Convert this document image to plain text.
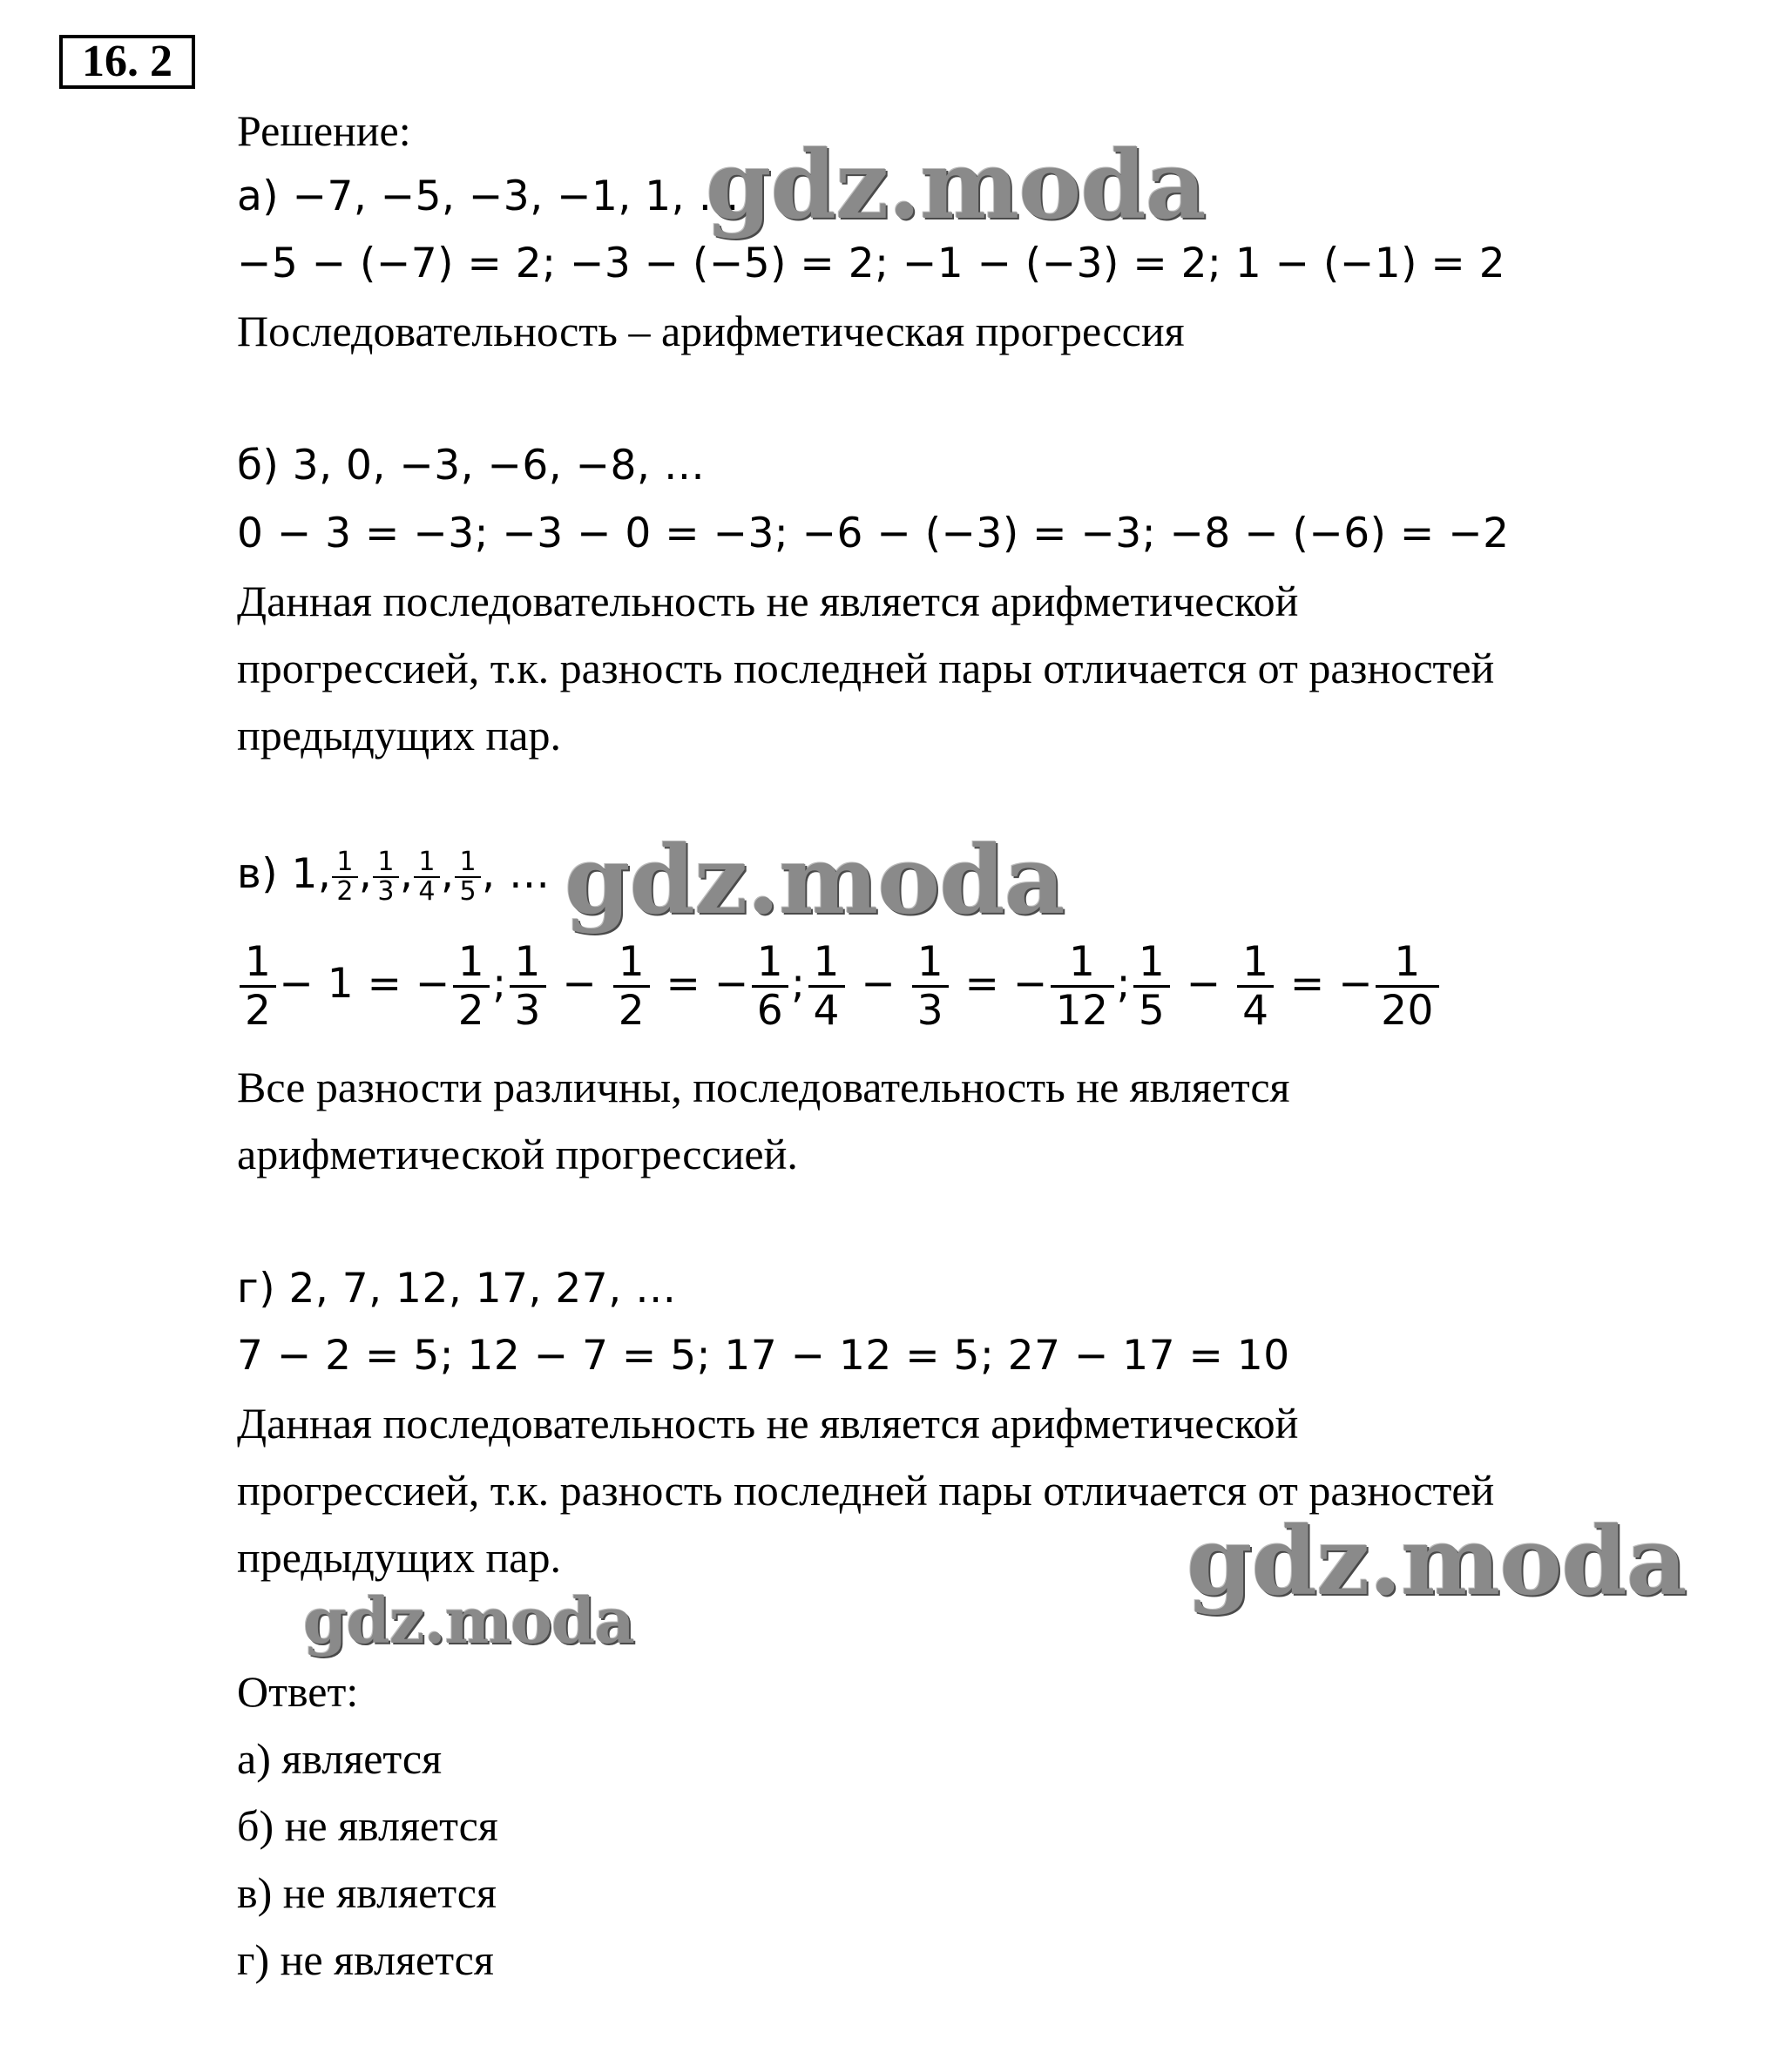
16. 2
Решение:
а) −7, −5, −3, −1, 1, …
−5 − (−7) = 2; −3 − (−5) = 2; −1 − (−3) = 2; 1 − (−1) = 2
Последовательность – арифметическая прогрессия
б) 3, 0, −3, −6, −8, …
0 − 3 = −3; −3 − 0 = −3; −6 − (−3) = −3; −8 − (−6) = −2
Данная последовательность не является арифметической
прогрессией, т.к. разность последней пары отличается от разностей
предыдущих пар.
в) 1, $\frac{1}{2}$ , $\frac{1}{3}$ , $\frac{1}{4}$ , $\frac{1}{5}$ , …
$\frac{1}{2} - 1$ = − $\frac{1}{2}$ ; $\frac{1}{3} - \frac{1}{2}$ = − $\frac{1}{6}$ ; $\frac{1}{4} - \frac{1}{3}$ = − $\frac{1}{12}$ ; $\frac{1}{5} - \frac{1}{4}$ = − $\frac{1}{20}$
Все разности различны, последовательность не является
арифметической прогрессией.
г) 2, 7, 12, 17, 27, …
7 − 2 = 5; 12 − 7 = 5; 17 − 12 = 5; 27 − 17 = 10
Данная последовательность не является арифметической
прогрессией, т.к. разность последней пары отличается от разностей
предыдущих пар.
Ответ:
а) является
б) не является
в) не является
г) не является
gdz.moda
gdz.moda
gdz.moda
gdz.moda
